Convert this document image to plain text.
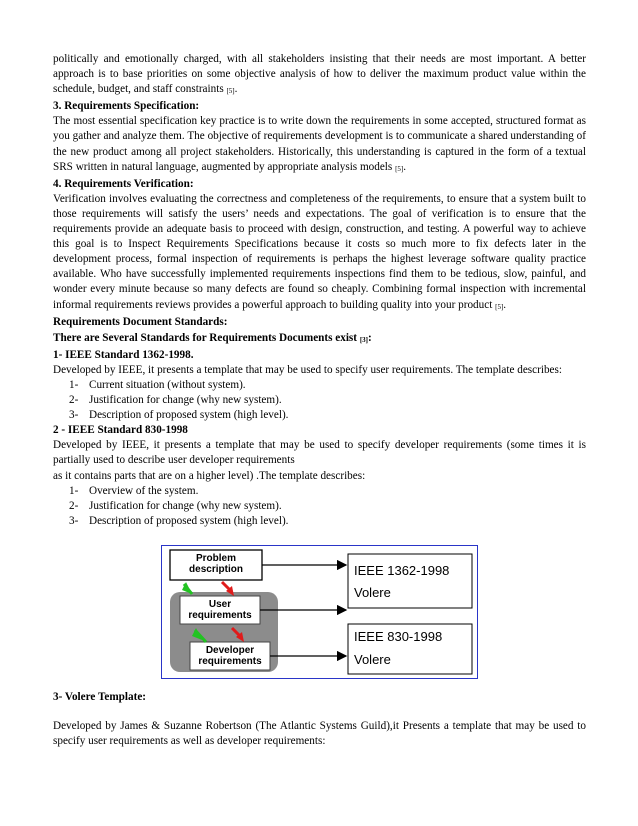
politically and emotionally charged, with all stakeholders insisting that their needs are most important. A better approach is to base priorities on some objective analysis of how to deliver the maximum product value within the schedule, budget, and staff constraints [5].

3. Requirements Specification:

The most essential specification key practice is to write down the requirements in some accepted, structured format as you gather and analyze them. The objective of requirements development is to communicate a shared understanding of the new product among all project stakeholders. Historically, this understanding is captured in the form of a textual SRS written in natural language, augmented by appropriate analysis models [5].

4. Requirements Verification:

Verification involves evaluating the correctness and completeness of the requirements, to ensure that a system built to those requirements will satisfy the users’ needs and expectations. The goal of verification is to ensure that the requirements provide an adequate basis to proceed with design, construction, and testing. A powerful way to achieve this goal is to Inspect Requirements Specifications because it costs so much more to fix defects later in the development process, formal inspection of requirements is perhaps the highest leverage software quality practice available. Who have successfully implemented requirements inspections find them to be tedious, slow, painful, and wonder every minute because so many defects are found so cheaply. Combining formal inspection with incremental informal requirements reviews provides a powerful approach to building quality into your product [5].

Requirements Document Standards:

There are Several Standards for Requirements Documents exist [3]:

1- IEEE Standard 1362-1998.

Developed by IEEE, it presents a template that may be used to specify user requirements. The template describes:

1- Current situation (without system).
2- Justification for change (why new system).
3- Description of proposed system (high level).

2 - IEEE Standard 830-1998

Developed by IEEE, it presents a template that may be used to specify developer requirements (some times it is partially used to describe user developer requirements

as it contains parts that are on a higher level) .The template describes:

1- Overview of the system.
2- Justification for change (why new system).
3- Description of proposed system (high level).
Problem description
User requirements
Developer requirements
IEEE 1362-1998
Volere
IEEE 830-1998
Volere

3- Volere Template:

Developed by James & Suzanne Robertson (The Atlantic Systems Guild),it Presents a template that may be used to specify user requirements as well as developer requirements:
